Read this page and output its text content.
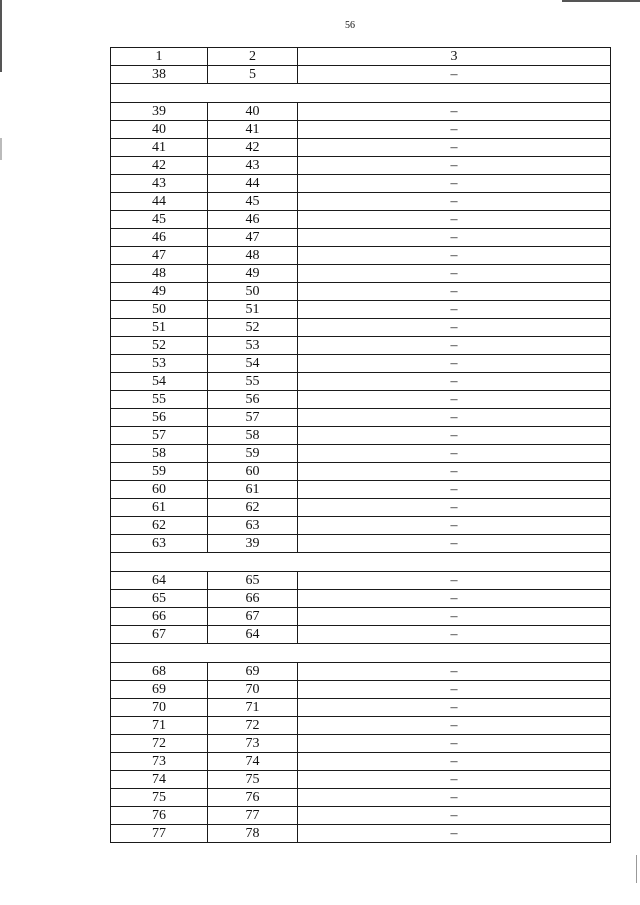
56
1	2	3
38	5	–

39	40	–
40	41	–
41	42	–
42	43	–
43	44	–
44	45	–
45	46	–
46	47	–
47	48	–
48	49	–
49	50	–
50	51	–
51	52	–
52	53	–
53	54	–
54	55	–
55	56	–
56	57	–
57	58	–
58	59	–
59	60	–
60	61	–
61	62	–
62	63	–
63	39	–

64	65	–
65	66	–
66	67	–
67	64	–

68	69	–
69	70	–
70	71	–
71	72	–
72	73	–
73	74	–
74	75	–
75	76	–
76	77	–
77	78	–
